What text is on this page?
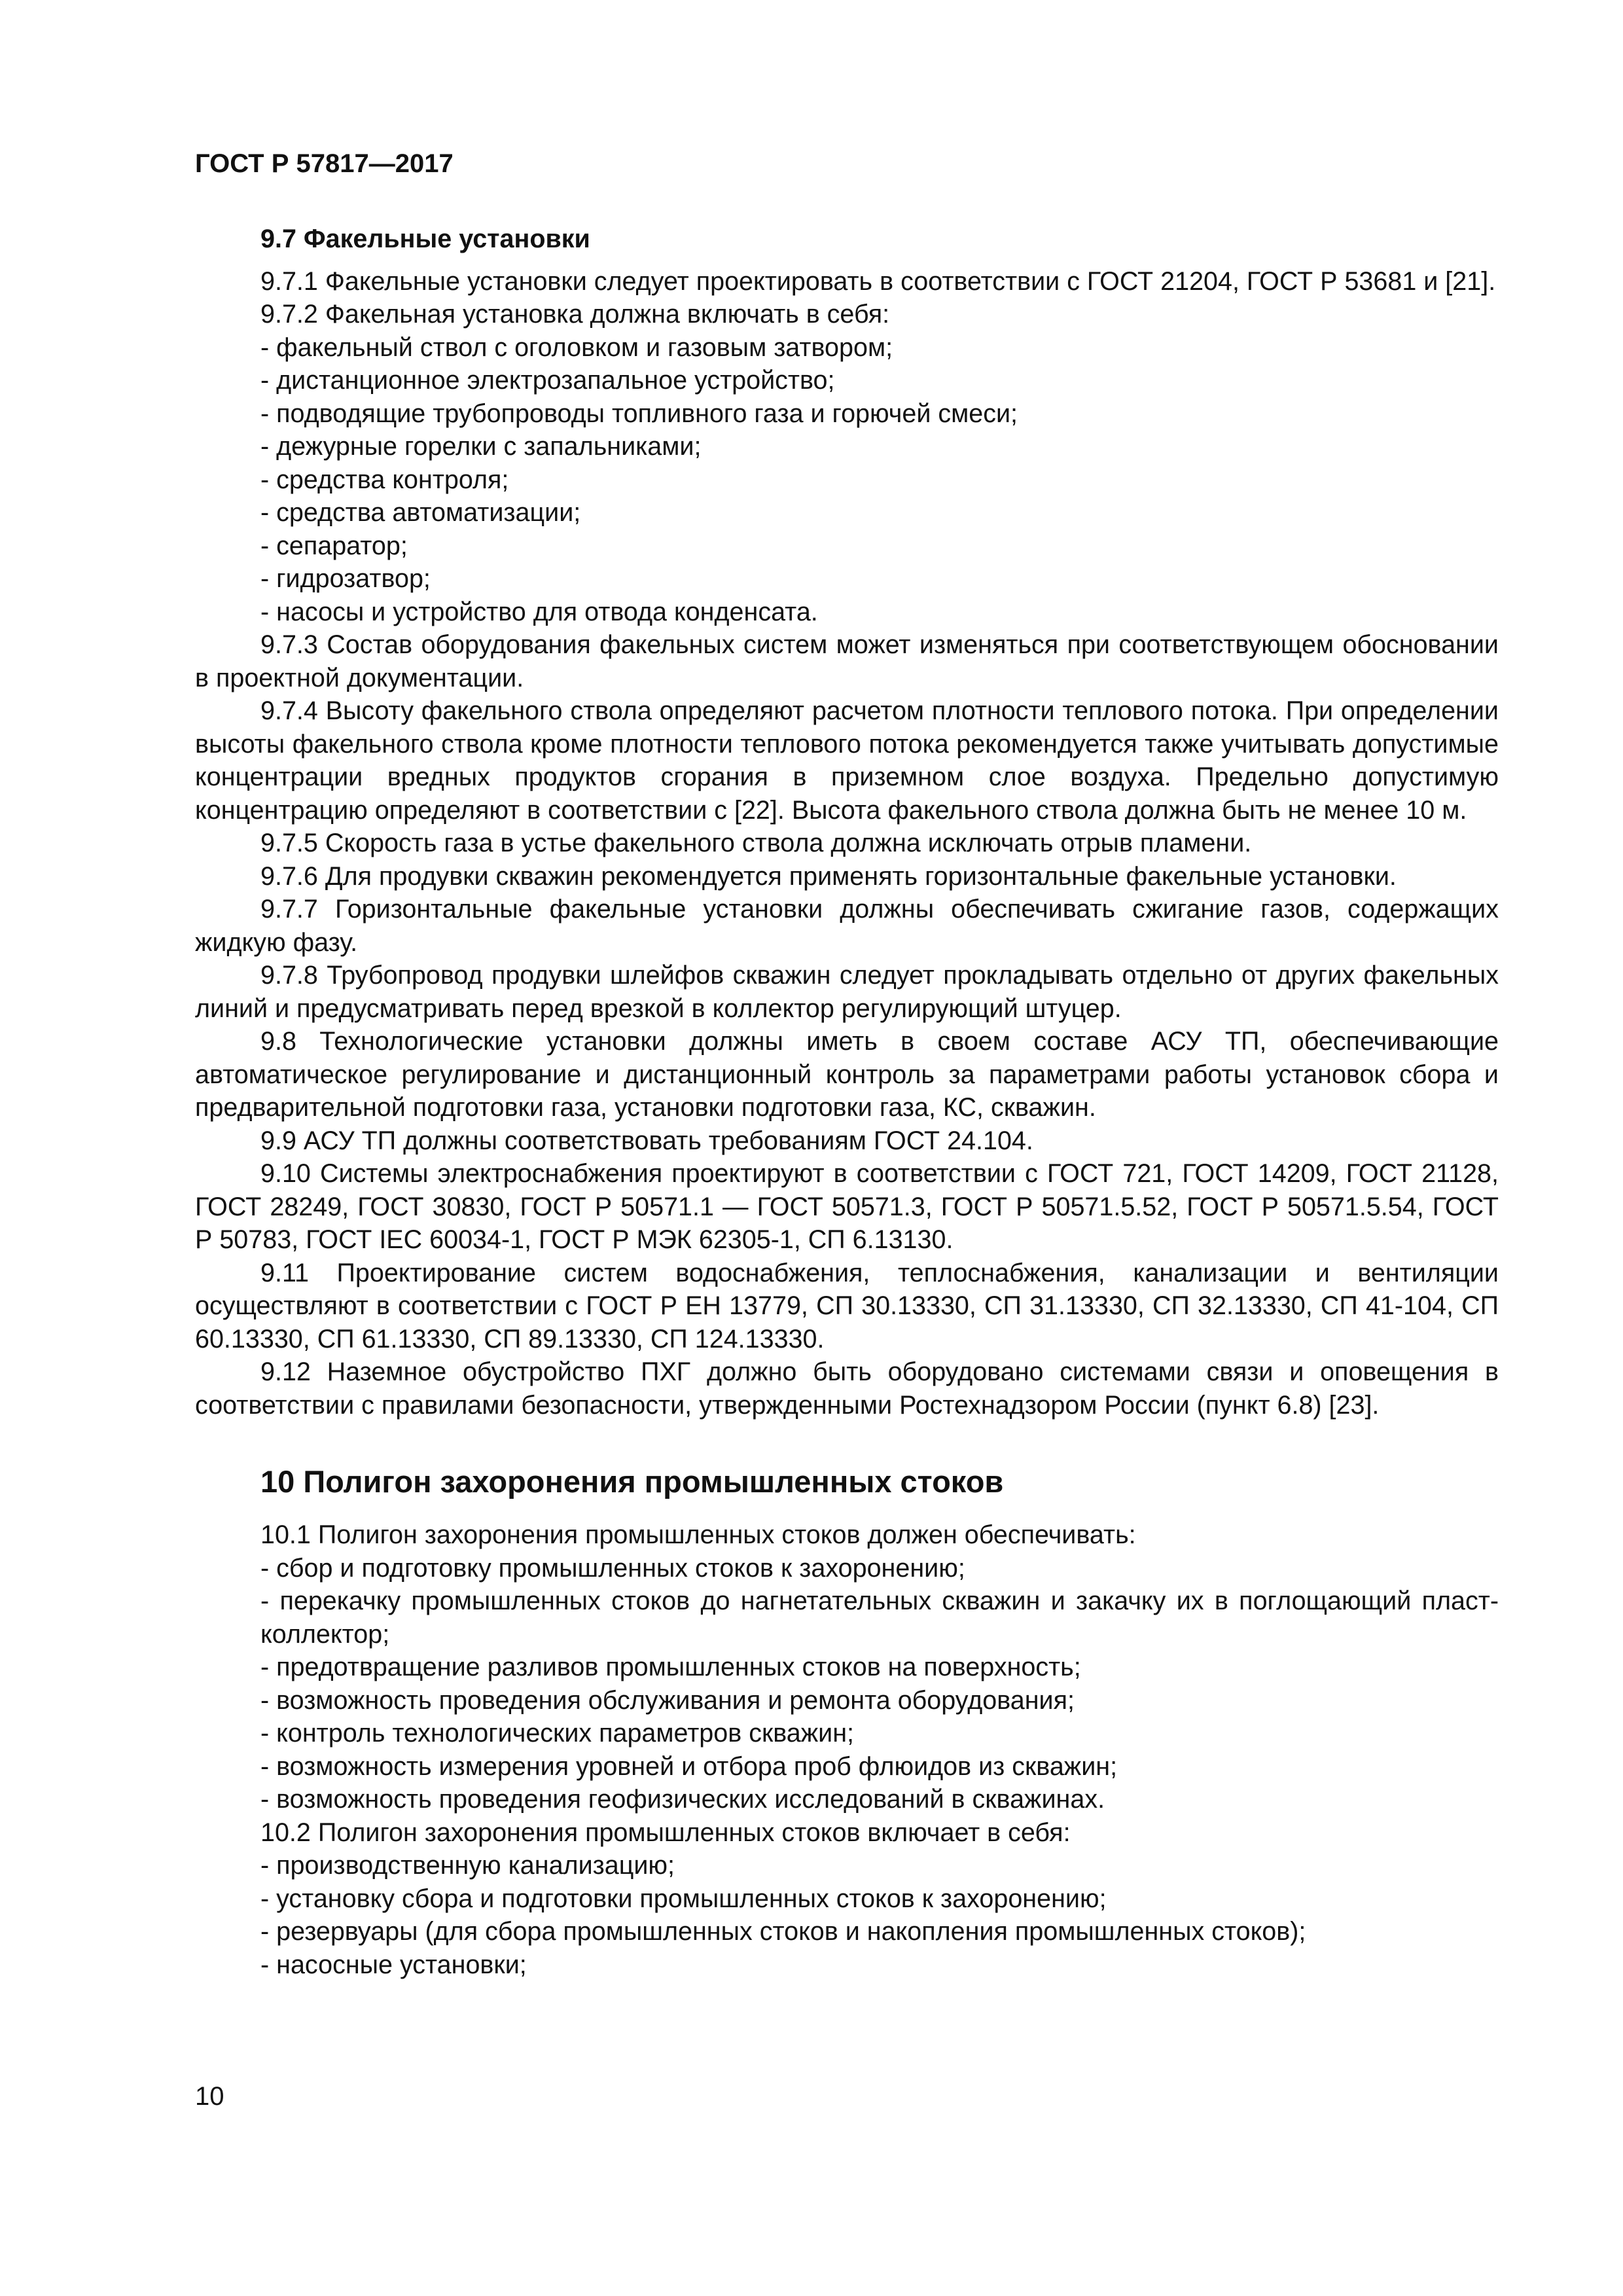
ГОСТ Р 57817—2017

9.7 Факельные установки

9.7.1 Факельные установки следует проектировать в соответствии с ГОСТ 21204, ГОСТ Р 53681 и [21].

9.7.2 Факельная установка должна включать в себя:

- факельный ствол с оголовком и газовым затвором;

- дистанционное электрозапальное устройство;

- подводящие трубопроводы топливного газа и горючей смеси;

- дежурные горелки с запальниками;

- средства контроля;

- средства автоматизации;

- сепаратор;

- гидрозатвор;

- насосы и устройство для отвода конденсата.

9.7.3 Состав оборудования факельных систем может изменяться при соответствующем обосновании в проектной документации.

9.7.4 Высоту факельного ствола определяют расчетом плотности теплового потока. При определении высоты факельного ствола кроме плотности теплового потока рекомендуется также учитывать допустимые концентрации вредных продуктов сгорания в приземном слое воздуха. Предельно допустимую концентрацию определяют в соответствии с [22]. Высота факельного ствола должна быть не менее 10 м.

9.7.5 Скорость газа в устье факельного ствола должна исключать отрыв пламени.

9.7.6 Для продувки скважин рекомендуется применять горизонтальные факельные установки.

9.7.7 Горизонтальные факельные установки должны обеспечивать сжигание газов, содержащих жидкую фазу.

9.7.8 Трубопровод продувки шлейфов скважин следует прокладывать отдельно от других факельных линий и предусматривать перед врезкой в коллектор регулирующий штуцер.

9.8 Технологические установки должны иметь в своем составе АСУ ТП, обеспечивающие автоматическое регулирование и дистанционный контроль за параметрами работы установок сбора и предварительной подготовки газа, установки подготовки газа, КС, скважин.

9.9 АСУ ТП должны соответствовать требованиям ГОСТ 24.104.

9.10 Системы электроснабжения проектируют в соответствии с ГОСТ 721, ГОСТ 14209, ГОСТ 21128, ГОСТ 28249, ГОСТ 30830, ГОСТ Р 50571.1 — ГОСТ 50571.3, ГОСТ Р 50571.5.52, ГОСТ Р 50571.5.54, ГОСТ Р 50783, ГОСТ IEC 60034-1, ГОСТ Р МЭК 62305-1, СП 6.13130.

9.11 Проектирование систем водоснабжения, теплоснабжения, канализации и вентиляции осуществляют в соответствии с ГОСТ Р ЕН 13779, СП 30.13330, СП 31.13330, СП 32.13330, СП 41-104, СП 60.13330, СП 61.13330, СП 89.13330, СП 124.13330.

9.12 Наземное обустройство ПХГ должно быть оборудовано системами связи и оповещения в соответствии с правилами безопасности, утвержденными Ростехнадзором России (пункт 6.8) [23].

10 Полигон захоронения промышленных стоков

10.1 Полигон захоронения промышленных стоков должен обеспечивать:

- сбор и подготовку промышленных стоков к захоронению;

- перекачку промышленных стоков до нагнетательных скважин и закачку их в поглощающий пласт-коллектор;

- предотвращение разливов промышленных стоков на поверхность;

- возможность проведения обслуживания и ремонта оборудования;

- контроль технологических параметров скважин;

- возможность измерения уровней и отбора проб флюидов из скважин;

- возможность проведения геофизических исследований в скважинах.

10.2 Полигон захоронения промышленных стоков включает в себя:

- производственную канализацию;

- установку сбора и подготовки промышленных стоков к захоронению;

- резервуары (для сбора промышленных стоков и накопления промышленных стоков);

- насосные установки;

10
